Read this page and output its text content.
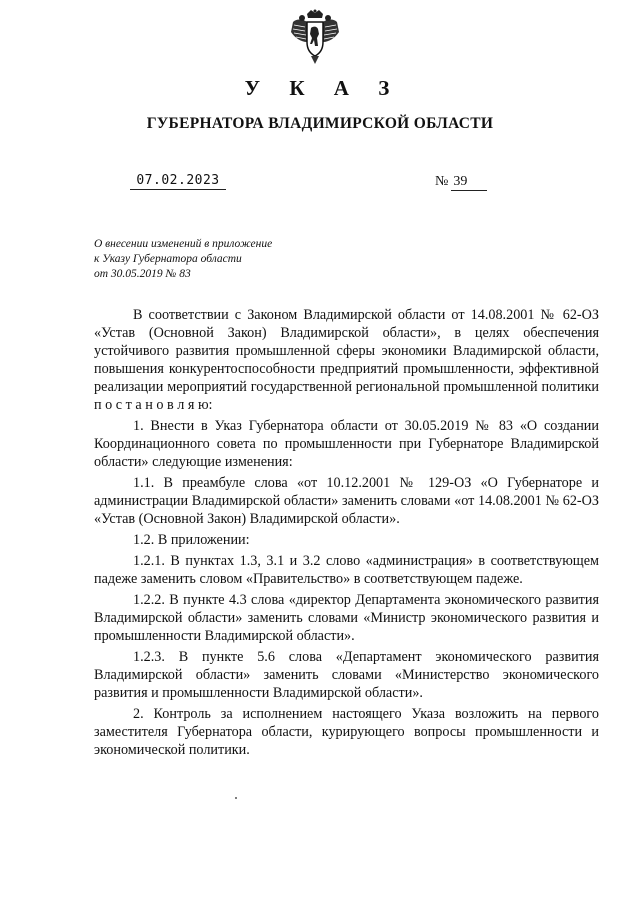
У К А З
ГУБЕРНАТОРА ВЛАДИМИРСКОЙ ОБЛАСТИ
07.02.2023	№ 39
О внесении изменений в приложение
к Указу Губернатора области
от 30.05.2019 № 83

В соответствии с Законом Владимирской области от 14.08.2001 № 62-ОЗ «Устав (Основной Закон) Владимирской области», в целях обеспечения устойчивого развития промышленной сферы экономики Владимирской области, повышения конкурентоспособности предприятий промышленности, эффективной реализации мероприятий государственной региональной промышленной политики п о с т а н о в л я ю:

1. Внести в Указ Губернатора области от 30.05.2019 № 83 «О создании Координационного совета по промышленности при Губернаторе Владимирской области» следующие изменения:

1.1. В преамбуле слова «от 10.12.2001 № 129-ОЗ «О Губернаторе и администрации Владимирской области» заменить словами «от 14.08.2001 № 62-ОЗ «Устав (Основной Закон) Владимирской области».

1.2. В приложении:

1.2.1. В пунктах 1.3, 3.1 и 3.2 слово «администрация» в соответствующем падеже заменить словом «Правительство» в соответствующем падеже.

1.2.2. В пункте 4.3 слова «директор Департамента экономического развития Владимирской области» заменить словами «Министр экономического развития и промышленности Владимирской области».

1.2.3. В пункте 5.6 слова «Департамент экономического развития Владимирской области» заменить словами «Министерство экономического развития и промышленности Владимирской области».

2. Контроль за исполнением настоящего Указа возложить на первого заместителя Губернатора области, курирующего вопросы промышленности и экономической политики.
